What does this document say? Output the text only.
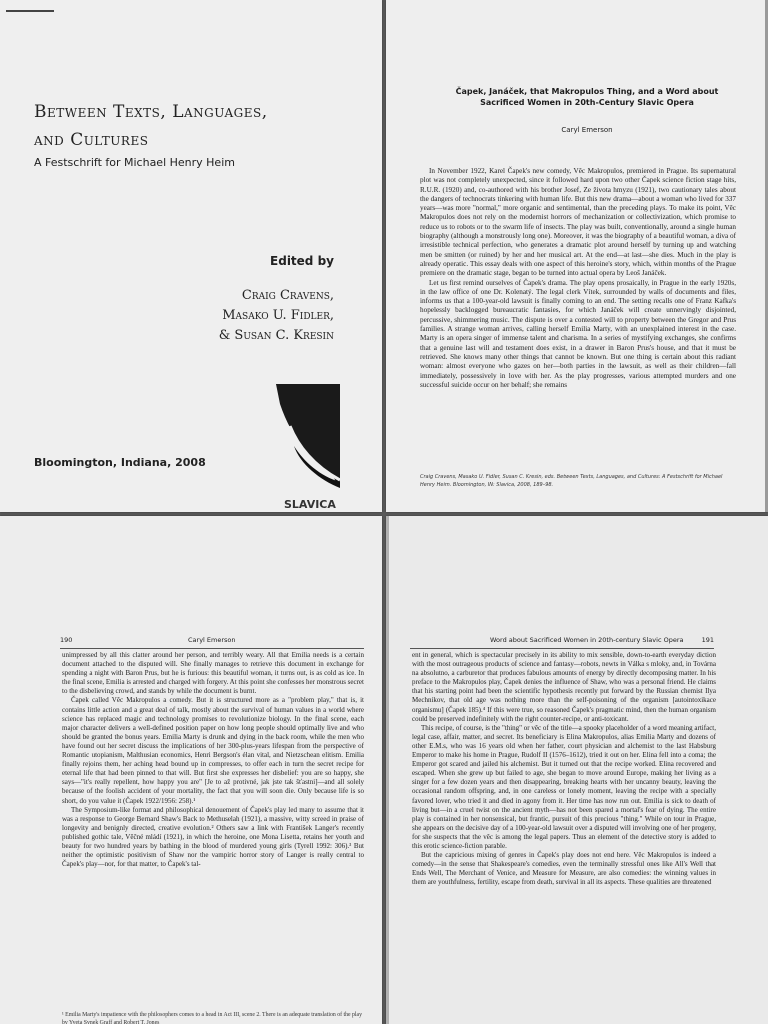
Between Texts, Languages,
and Cultures
A Festschrift for Michael Henry Heim
Edited by
Craig Cravens,
Masako U. Fidler,
& Susan C. Kresin
Bloomington, Indiana, 2008
SLAVICA
Čapek, Janáček, that Makropulos Thing, and a Word about
Sacrificed Women in 20th-Century Slavic Opera
Caryl Emerson

In November 1922, Karel Čapek's new comedy, Věc Makropulos, premiered in Prague. Its supernatural plot was not completely unexpected, since it followed hard upon two other Čapek science fiction stage hits, R.U.R. (1920) and, co-authored with his brother Josef, Ze života hmyzu (1921), two cautionary tales about the dangers of technocrats tinkering with human life. But this new drama—about a woman who lived for 337 years—was more "normal," more organic and sentimental, than the preceding plays. To make its point, Věc Makropulos does not rely on the modernist horrors of mechanization or collectivization, which promise to reduce us to robots or to the swarm life of insects. The play was built, conventionally, around a single human biography (although a monstrously long one). Moreover, it was the biography of a beautiful woman, a diva of irresistible technical perfection, who generates a dramatic plot around herself by turning up and watching men be smitten (or ruined) by her and her musical art. At the end—at last—she dies. Much in the play is already operatic. This essay deals with one aspect of this heroine's story, which, within months of the Prague premiere on the dramatic stage, began to be turned into actual opera by Leoš Janáček.

Let us first remind ourselves of Čapek's drama. The play opens prosaically, in Prague in the early 1920s, in the law office of one Dr. Kolenatý. The legal clerk Vítek, surrounded by walls of documents and files, informs us that a 100-year-old lawsuit is finally coming to an end. The setting recalls one of Franz Kafka's hopelessly backlogged bureaucratic fantasies, for which Janáček will create unnervingly disjointed, percussive, shimmering music. The dispute is over a contested will to property between the Gregor and Prus families. A strange woman arrives, calling herself Emilia Marty, with an unexplained interest in the case. Marty is an opera singer of immense talent and charisma. In a series of mystifying exchanges, she confirms that a genuine last will and testament does exist, in a drawer in Baron Prus's house, and that it must be retrieved. She knows many other things that cannot be known. But one thing is certain about this radiant woman: almost everyone who gazes on her—both parties in the lawsuit, as well as their children—fall immediately, possessively in love with her. As the play progresses, various attempted murders and one successful suicide occur on her behalf; she remains

Craig Cravens, Masako U. Fidler, Susan C. Kresin, eds. Between Texts, Languages, and Cultures: A Festschrift for Michael Henry Heim. Bloomington, IN: Slavica, 2008, 189–98.
190	Caryl Emerson

unimpressed by all this clatter around her person, and terribly weary. All that Emilia needs is a certain document attached to the disputed will. She finally manages to retrieve this document in exchange for spending a night with Baron Prus, but he is furious: this beautiful woman, it turns out, is as cold as ice. In the final scene, Emilia is arrested and charged with forgery. At this point she confesses her monstrous secret to the disbelieving crowd, and stands by while the document is burnt.

Čapek called Věc Makropulos a comedy. But it is structured more as a "problem play," that is, it contains little action and a great deal of talk, mostly about the survival of human values in a world where science has replaced magic and technology promises to revolutionize biology. In the final scene, each major character delivers a well-defined position paper on how long people should optimally live and who should be granted the bonus years. Emilia Marty is drunk and dying in the back room, while the men who have found out her secret discuss the implications of her 300-plus-years lifespan from the perspective of Romantic utopianism, Malthusian economics, Henri Bergson's élan vital, and Nietzschean elitism. Emilia finally rejoins them, her aching head bound up in compresses, to offer each in turn the secret recipe for eternal life that had been pinned to that will. But first she expresses her disbelief: you are so happy, she says—"it's really repellent, how happy you are" [Je to až protivné, jak jste tak šťastni]—and all solely because of the foolish accident of your mortality, the fact that you will soon die. Only because life is so short, do you value it (Čapek 1922/1956: 258).¹

The Symposium-like format and philosophical denouement of Čapek's play led many to assume that it was a response to George Bernard Shaw's Back to Methuselah (1921), a massive, witty screed in praise of longevity and benignly directed, creative evolution.² Others saw a link with František Langer's recently published gothic tale, Věčné mládí (1921), in which the heroine, one Mona Lisetta, retains her youth and beauty for two hundred years by bathing in the blood of murdered young girls (Tyrell 1992: 306).³ But neither the optimistic positivism of Shaw nor the vampiric horror story of Langer is really central to Čapek's play—nor, for that matter, to Čapek's tal-

¹ Emilia Marty's impatience with the philosophers comes to a head in Act III, scene 2. There is an adequate translation of the play by Yveta Synek Graff and Robert T. Jones
Word about Sacrificed Women in 20th-century Slavic Opera	191

ent in general, which is spectacular precisely in its ability to mix sensible, down-to-earth everyday diction with the most outrageous products of science and fantasy—robots, newts in Válka s mloky, and, in Továrna na absolutno, a carburetor that produces fabulous amounts of energy by directly decomposing matter. In his preface to the Makropulos play, Čapek denies the influence of Shaw, who was a personal friend. He claims that his starting point had been the scientific hypothesis recently put forward by the Russian chemist Ilya Mechnikov, that old age was nothing more than the self-poisoning of the organism [autointoxikace organismu] (Čapek 185).⁴ If this were true, so reasoned Čapek's pragmatic mind, then the human organism could be preserved indefinitely with the right counter-recipe, or anti-toxicant.

This recipe, of course, is the "thing" or věc of the title—a spooky placeholder of a word meaning artifact, legal case, affair, matter, and secret. Its beneficiary is Elina Makropulos, alias Emilia Marty and dozens of other E.M.s, who was 16 years old when her father, court physician and alchemist to the last Habsburg Emperor to make his home in Prague, Rudolf II (1576–1612), tried it out on her. Elina fell into a coma; the Emperor got scared and jailed his alchemist. But it turned out that the recipe worked. Elina recovered and escaped. When she grew up but failed to age, she began to move around Europe, making her living as a singer for a few dozen years and then disappearing, breaking hearts with her uncanny beauty, leaving the occasional random offspring, and, in one careless or lonely moment, leaving the recipe with a specially favored lover, who tried it and died in agony from it. Her time has now run out. Emilia is sick to death of living but—in a cruel twist on the ancient myth—has not been spared a mortal's fear of dying. The entire play is contained in her nonsensical, but frantic, pursuit of this precious "thing." While on tour in Prague, she appears on the decisive day of a 100-year-old lawsuit over a disputed will involving one of her progeny, for she suspects that the věc is among the legal papers. Thus an element of the detective story is added to this erotic science-fiction parable.

But the capricious mixing of genres in Čapek's play does not end here. Věc Makropulos is indeed a comedy—in the sense that Shakespeare's comedies, even the terminally stressful ones like All's Well that Ends Well, The Merchant of Venice, and Measure for Measure, are also comedies: the winning values in them are youthfulness, fertility, escape from death, survival in all its aspects. These qualities are threatened
